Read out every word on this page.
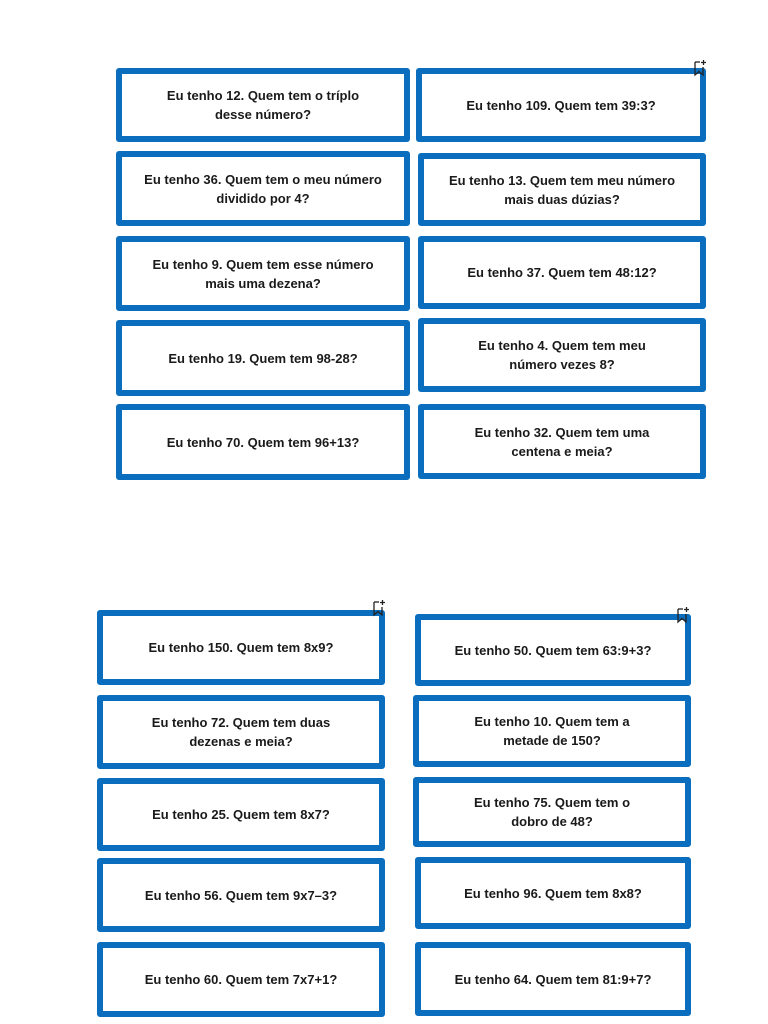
Eu tenho 12. Quem tem o tríplo
desse número?
Eu tenho 109. Quem tem 39:3?
Eu tenho 36. Quem tem o meu número
dividido por 4?
Eu tenho 13. Quem tem meu número
mais duas dúzias?
Eu tenho 9. Quem tem esse número
mais uma dezena?
Eu tenho 37. Quem tem 48:12?
Eu tenho 19. Quem tem 98-28?
Eu tenho 4. Quem tem meu
número vezes 8?
Eu tenho 70. Quem tem 96+13?
Eu tenho 32. Quem tem uma
centena e meia?
Eu tenho 150. Quem tem 8x9?	Eu tenho 50. Quem tem 63:9+3?
Eu tenho 72. Quem tem duas
dezenas e meia?
Eu tenho 10. Quem tem a
metade de 150?
Eu tenho 25. Quem tem 8x7?
Eu tenho 75. Quem tem o
dobro de 48?
Eu tenho 56. Quem tem 9x7–3?	Eu tenho 96. Quem tem 8x8?
Eu tenho 60. Quem tem 7x7+1?	Eu tenho 64. Quem tem 81:9+7?
